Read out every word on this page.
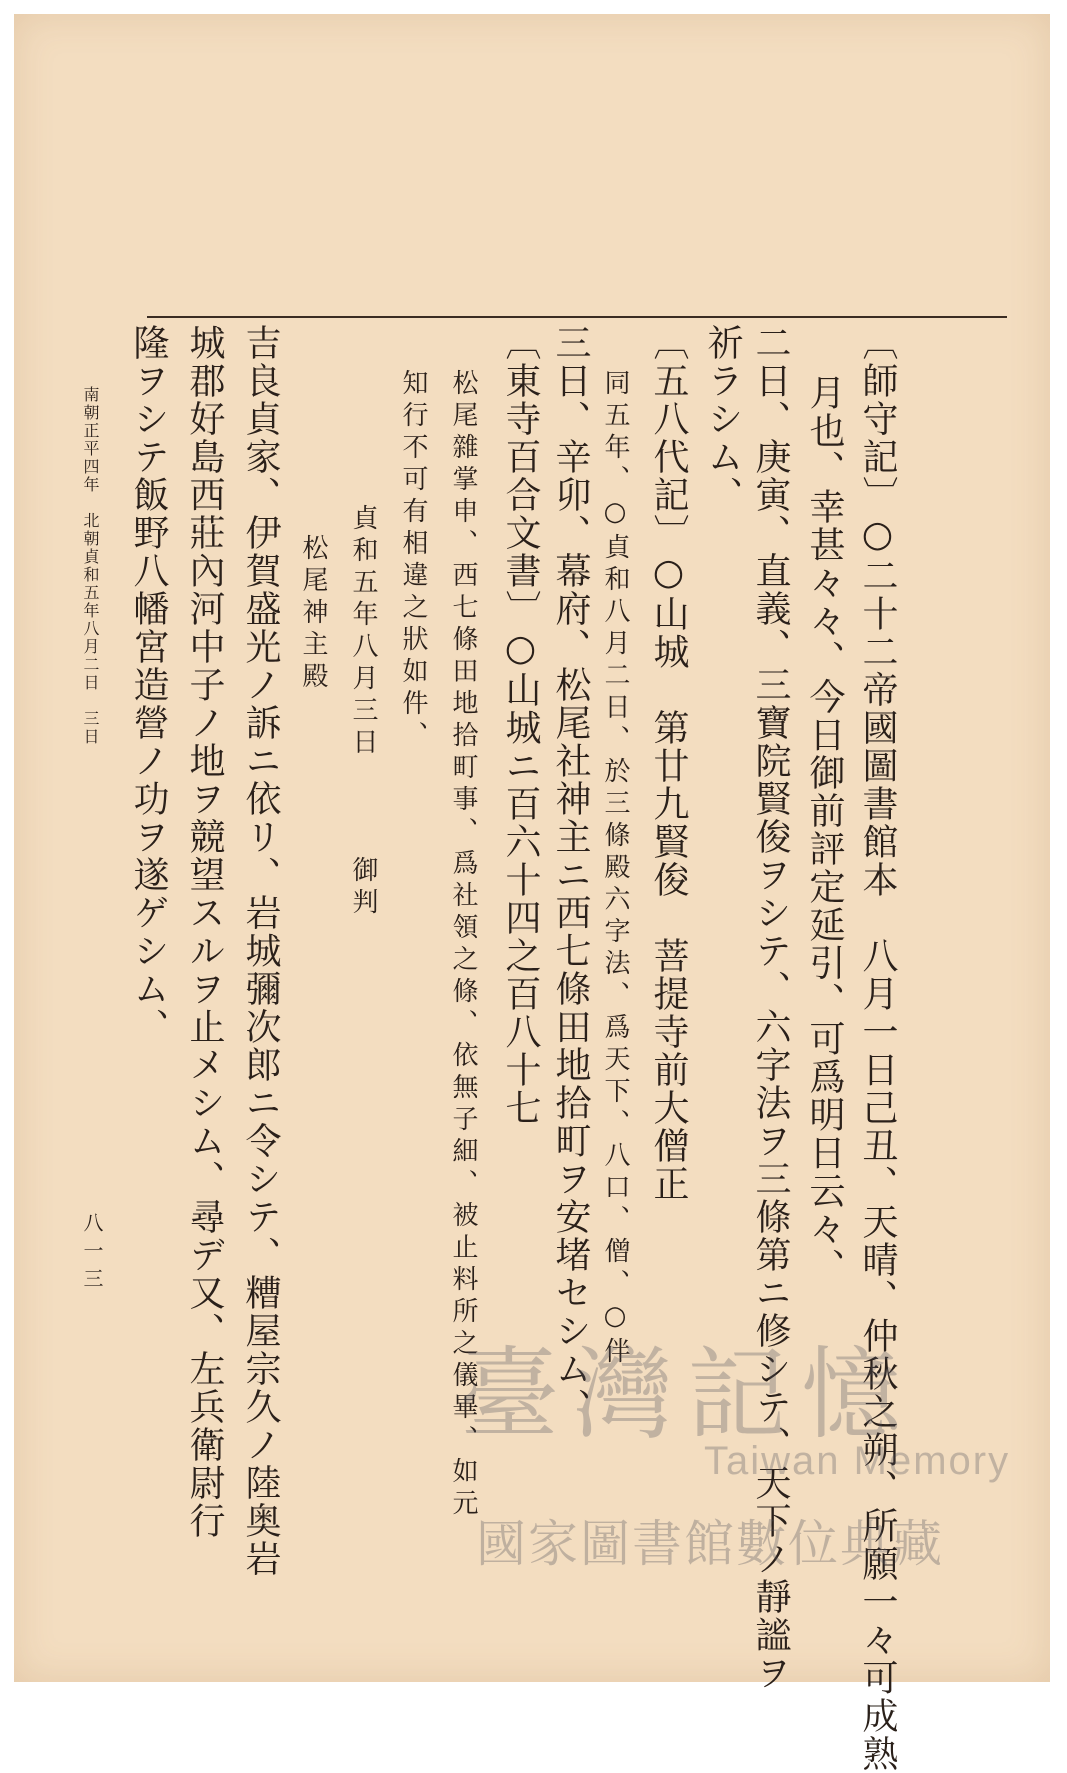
〔師守記〕○二十二帝國圖書館本　八月一日己丑、天晴、仲秋之朔、所願一々可成熟
月也、幸甚々々、今日御前評定延引、可爲明日云々、
二日、庚寅、直義、三寶院賢俊ヲシテ、六字法ヲ三條第ニ修シテ、天下ノ靜謐ヲ
祈ラシム、
〔五八代記〕○山城　第廿九賢俊　菩提寺前大僧正
同五年、○貞和八月二日、於三條殿六字法、爲天下、八口、僧、○伴
三日、辛卯、幕府、松尾社神主ニ西七條田地拾町ヲ安堵セシム、
〔東寺百合文書〕○山城ニ百六十四之百八十七
松尾雜掌申、西七條田地拾町事、爲社領之條、依無子細、被止料所之儀畢、如元
知行不可有相違之狀如件、
貞和五年八月三日　　　御判
松尾神主殿
吉良貞家、伊賀盛光ノ訴ニ依リ、岩城彌次郎ニ令シテ、糟屋宗久ノ陸奥岩
城郡好島西莊內河中子ノ地ヲ競望スルヲ止メシム、尋デ又、左兵衛尉行
隆ヲシテ飯野八幡宮造營ノ功ヲ遂ゲシム、
南朝正平四年　北朝貞和五年八月二日　三日
八一三
臺灣記憶
Taiwan Memory
國家圖書館數位典藏
